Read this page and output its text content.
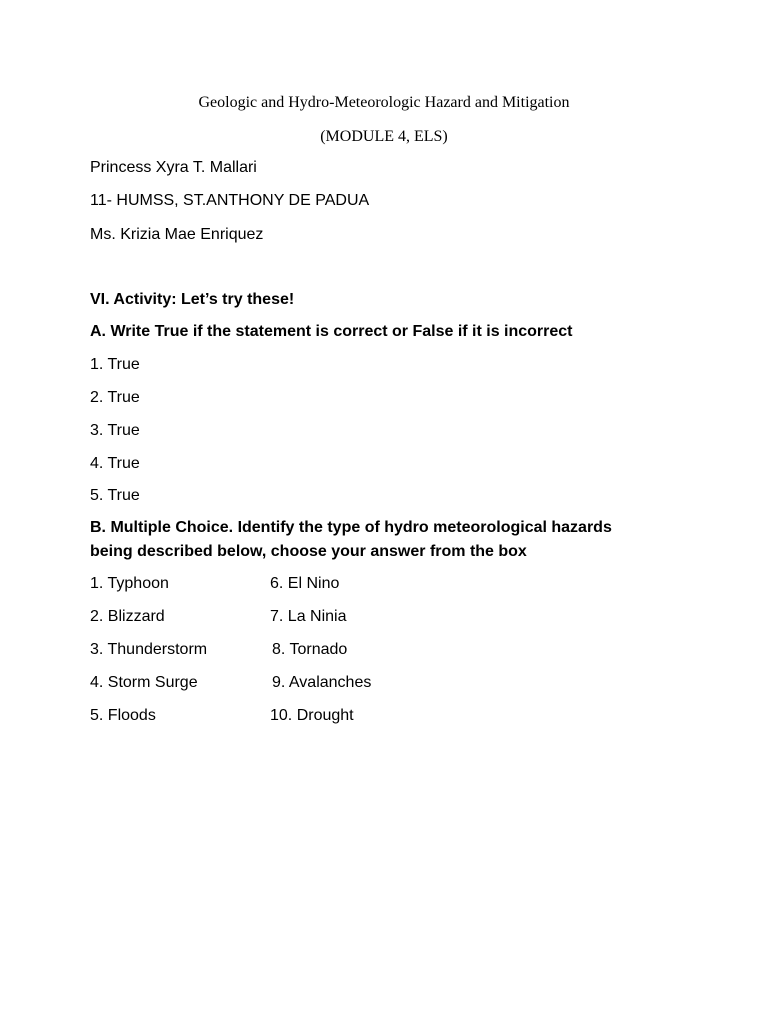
Geologic and Hydro-Meteorologic Hazard and Mitigation
(MODULE 4, ELS)
Princess Xyra T. Mallari
11- HUMSS, ST.ANTHONY DE PADUA
Ms. Krizia Mae Enriquez
VI. Activity: Let’s try these!
A. Write True if the statement is correct or False if it is incorrect
1. True
2. True
3. True
4. True
5. True
B. Multiple Choice. Identify the type of hydro meteorological hazards
being described below, choose your answer from the box
1. Typhoon	6. El Nino
2. Blizzard	7. La Ninia
3. Thunderstorm	8. Tornado
4. Storm Surge	9. Avalanches
5. Floods	10. Drought
